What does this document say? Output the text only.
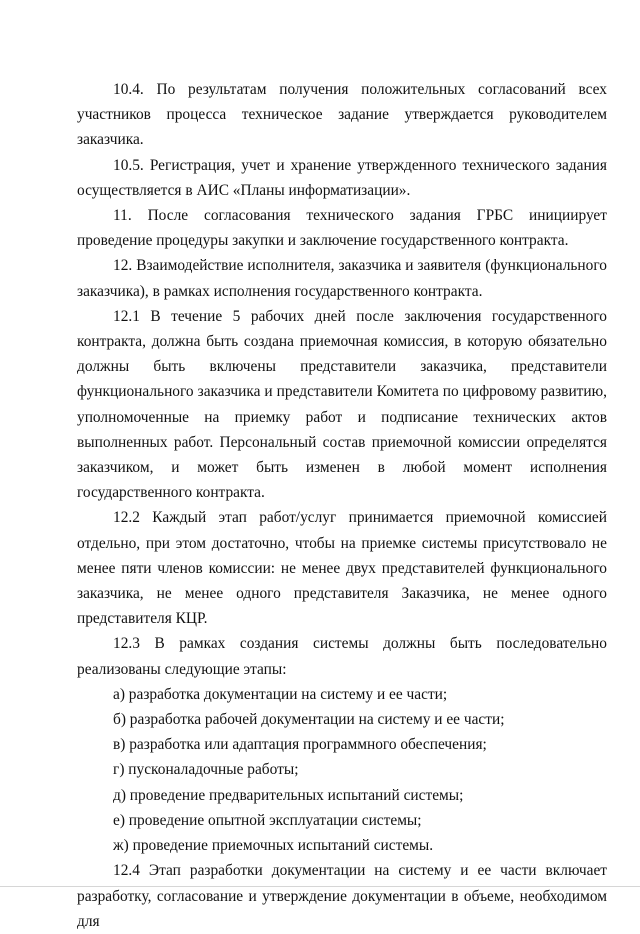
10.4. По результатам получения положительных согласований всех участников процесса техническое задание утверждается руководителем заказчика.

10.5. Регистрация, учет и хранение утвержденного технического задания осуществляется в АИС «Планы информатизации».

11. После согласования технического задания ГРБС инициирует проведение процедуры закупки и заключение государственного контракта.

12. Взаимодействие исполнителя, заказчика и заявителя (функционального заказчика), в рамках исполнения государственного контракта.

12.1 В течение 5 рабочих дней после заключения государственного контракта, должна быть создана приемочная комиссия, в которую обязательно должны быть включены представители заказчика, представители функционального заказчика и представители Комитета по цифровому развитию, уполномоченные на приемку работ и подписание технических актов выполненных работ. Персональный состав приемочной комиссии определятся заказчиком, и может быть изменен в любой момент исполнения государственного контракта.

12.2 Каждый этап работ/услуг принимается приемочной комиссией отдельно, при этом достаточно, чтобы на приемке системы присутствовало не менее пяти членов комиссии: не менее двух представителей функционального заказчика, не менее одного представителя Заказчика, не менее одного представителя КЦР.

12.3 В рамках создания системы должны быть последовательно реализованы следующие этапы:

а) разработка документации на систему и ее части;

б) разработка рабочей документации на систему и ее части;

в) разработка или адаптация программного обеспечения;

г) пусконаладочные работы;

д) проведение предварительных испытаний системы;

е) проведение опытной эксплуатации системы;

ж) проведение приемочных испытаний системы.

12.4 Этап разработки документации на систему и ее части включает разработку, согласование и утверждение документации в объеме, необходимом для
